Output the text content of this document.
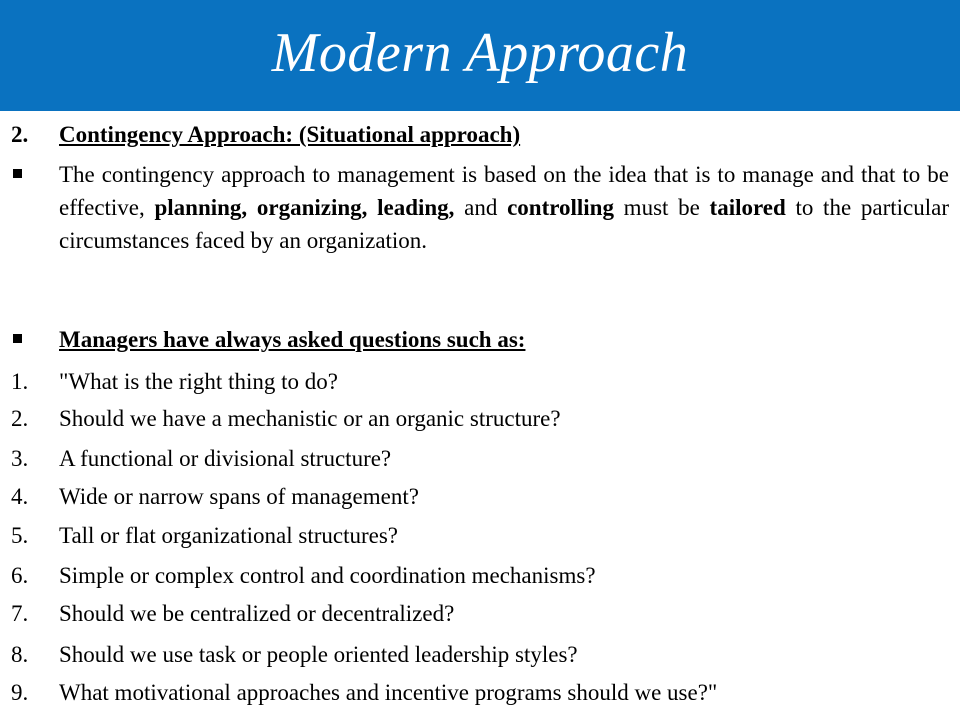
Modern Approach
2. Contingency Approach: (Situational approach)
The contingency approach to management is based on the idea that is to manage and that to be effective, planning, organizing, leading, and controlling must be tailored to the particular circumstances faced by an organization.
Managers have always asked questions such as:
1. "What is the right thing to do?
2. Should we have a mechanistic or an organic structure?
3. A functional or divisional structure?
4. Wide or narrow spans of management?
5. Tall or flat organizational structures?
6. Simple or complex control and coordination mechanisms?
7. Should we be centralized or decentralized?
8. Should we use task or people oriented leadership styles?
9. What motivational approaches and incentive programs should we use?"
